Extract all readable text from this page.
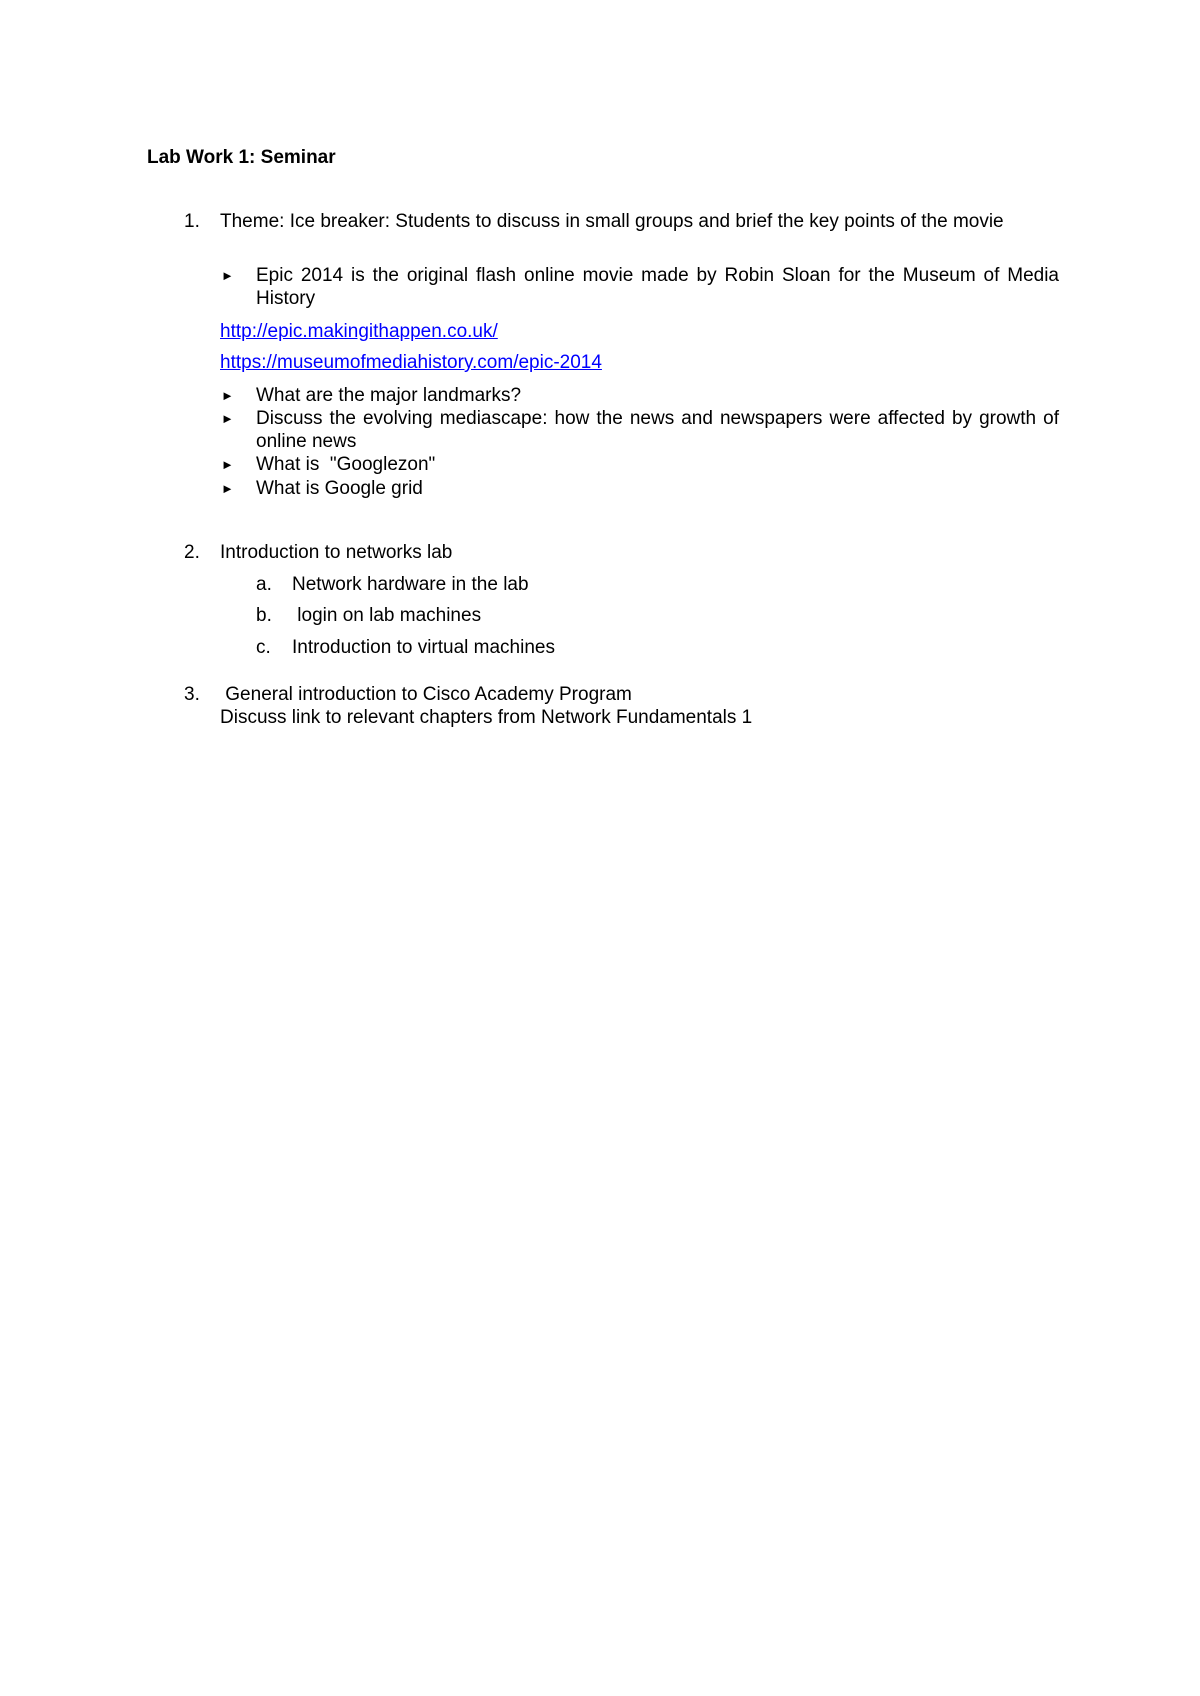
Lab Work 1: Seminar
1. Theme: Ice breaker: Students to discuss in small groups and brief the key points of the movie
► Epic 2014 is the original flash online movie made by Robin Sloan for the Museum of Media History
http://epic.makingithappen.co.uk/
https://museumofmediahistory.com/epic-2014
► What are the major landmarks?
► Discuss the evolving mediascape: how the news and newspapers were affected by growth of online news
► What is  "Googlezon"
► What is Google grid
2. Introduction to networks lab
a. Network hardware in the lab
b. login on lab machines
c. Introduction to virtual machines
3. General introduction to Cisco Academy Program
Discuss link to relevant chapters from Network Fundamentals 1
